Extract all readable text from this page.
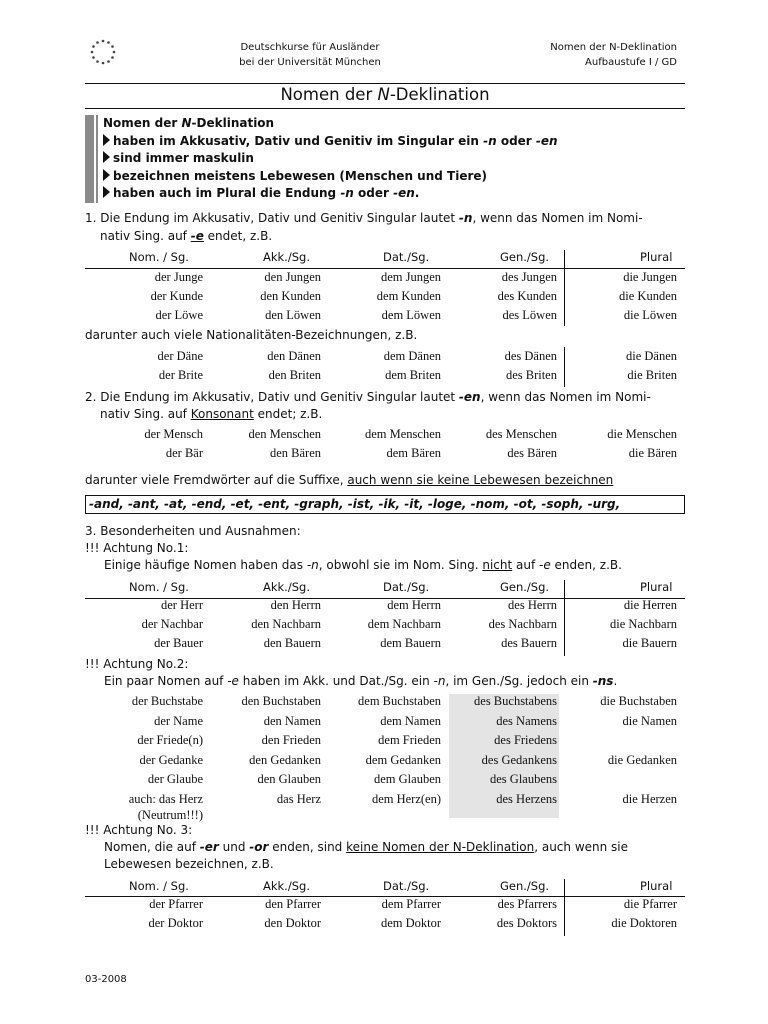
Deutschkurse für Ausländer
bei der Universität München
Nomen der N-Deklination
Aufbaustufe I / GD
Nomen der N-Deklination
Nomen der N-Deklination
haben im Akkusativ, Dativ und Genitiv im Singular ein -n oder -en
sind immer maskulin
bezeichnen meistens Lebewesen (Menschen und Tiere)
haben auch im Plural die Endung -n oder -en.
1. Die Endung im Akkusativ, Dativ und Genitiv Singular lautet -n, wenn das Nomen im Nomi-
nativ Sing. auf -e endet, z.B.
Nom. / Sg.	Akk./Sg.	Dat./Sg.	Gen./Sg.	Plural
der Junge	den Jungen	dem Jungen	des Jungen	die Jungen
der Kunde	den Kunden	dem Kunden	des Kunden	die Kunden
der Löwe	den Löwen	dem Löwen	des Löwen	die Löwen
darunter auch viele Nationalitäten-Bezeichnungen, z.B.
der Däne	den Dänen	dem Dänen	des Dänen	die Dänen
der Brite	den Briten	dem Briten	des Briten	die Briten
2. Die Endung im Akkusativ, Dativ und Genitiv Singular lautet -en, wenn das Nomen im Nomi-
nativ Sing. auf Konsonant endet; z.B.
der Mensch	den Menschen	dem Menschen	des Menschen	die Menschen
der Bär	den Bären	dem Bären	des Bären	die Bären
darunter viele Fremdwörter auf die Suffixe, auch wenn sie keine Lebewesen bezeichnen
-and, -ant, -at, -end, -et, -ent, -graph, -ist, -ik, -it, -loge, -nom, -ot, -soph, -urg,
3. Besonderheiten und Ausnahmen:
!!! Achtung No.1:
Einige häufige Nomen haben das -n, obwohl sie im Nom. Sing. nicht auf -e enden, z.B.
Nom. / Sg.	Akk./Sg.	Dat./Sg.	Gen./Sg.	Plural
der Herr	den Herrn	dem Herrn	des Herrn	die Herren
der Nachbar	den Nachbarn	dem Nachbarn	des Nachbarn	die Nachbarn
der Bauer	den Bauern	dem Bauern	des Bauern	die Bauern
!!! Achtung No.2:
Ein paar Nomen auf -e haben im Akk. und Dat./Sg. ein -n, im Gen./Sg. jedoch ein -ns.
der Buchstabe	den Buchstaben	dem Buchstaben	des Buchstabens	die Buchstaben
der Name	den Namen	dem Namen	des Namens	die Namen
der Friede(n)	den Frieden	dem Frieden	des Friedens
der Gedanke	den Gedanken	dem Gedanken	des Gedankens	die Gedanken
der Glaube	den Glauben	dem Glauben	des Glaubens
auch: das Herz	das Herz	dem Herz(en)	des Herzens	die Herzen
(Neutrum!!!)
!!! Achtung No. 3:
Nomen, die auf -er und -or enden, sind keine Nomen der N-Deklination, auch wenn sie
Lebewesen bezeichnen, z.B.
Nom. / Sg.	Akk./Sg.	Dat./Sg.	Gen./Sg.	Plural
der Pfarrer	den Pfarrer	dem Pfarrer	des Pfarrers	die Pfarrer
der Doktor	den Doktor	dem Doktor	des Doktors	die Doktoren
03-2008
